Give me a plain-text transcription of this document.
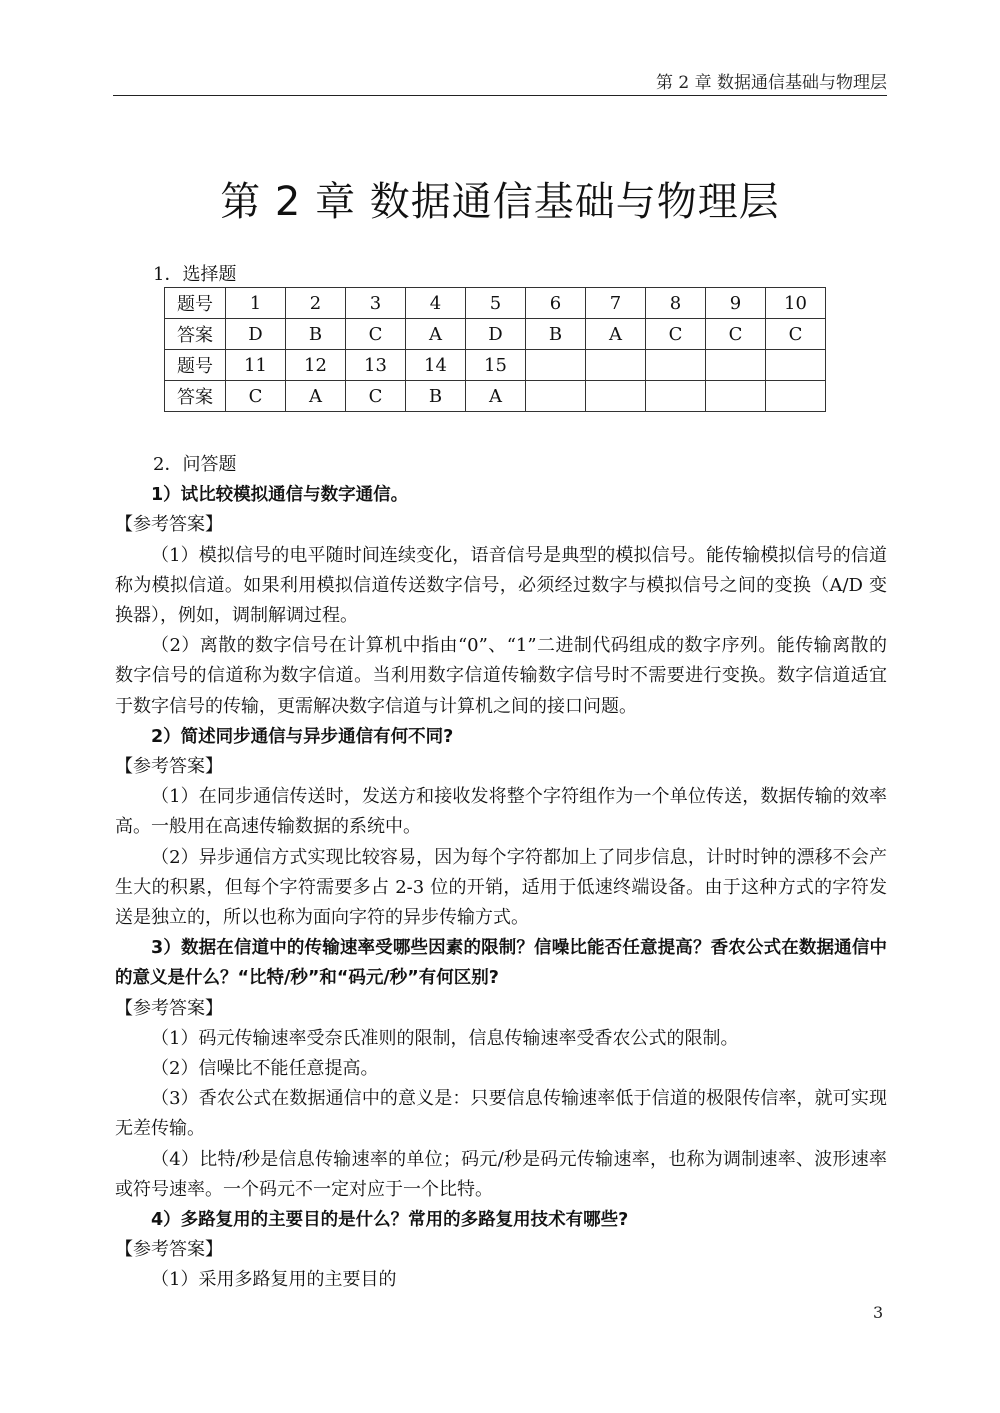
第 2 章 数据通信基础与物理层
第 2 章 数据通信基础与物理层
1．选择题
题号	1	2	3	4	5	6	7	8	9	10
答案	D	B	C	A	D	B	A	C	C	C
题号	11	12	13	14	15					
答案	C	A	C	B	A					

2．问答题

1）试比较模拟通信与数字通信。

【参考答案】

（1）模拟信号的电平随时间连续变化，语音信号是典型的模拟信号。能传输模拟信号的信道称为模拟信道。如果利用模拟信道传送数字信号，必须经过数字与模拟信号之间的变换（A/D 变换器），例如，调制解调过程。

（2）离散的数字信号在计算机中指由“0”、“1”二进制代码组成的数字序列。能传输离散的数字信号的信道称为数字信道。当利用数字信道传输数字信号时不需要进行变换。数字信道适宜于数字信号的传输，更需解决数字信道与计算机之间的接口问题。

2）简述同步通信与异步通信有何不同?

【参考答案】

（1）在同步通信传送时，发送方和接收发将整个字符组作为一个单位传送，数据传输的效率高。一般用在高速传输数据的系统中。

（2）异步通信方式实现比较容易，因为每个字符都加上了同步信息，计时时钟的漂移不会产生大的积累，但每个字符需要多占 2-3 位的开销，适用于低速终端设备。由于这种方式的字符发送是独立的，所以也称为面向字符的异步传输方式。

3）数据在信道中的传输速率受哪些因素的限制？信噪比能否任意提高？香农公式在数据通信中的意义是什么？“比特/秒”和“码元/秒”有何区别?

【参考答案】

（1）码元传输速率受奈氏准则的限制，信息传输速率受香农公式的限制。

（2）信噪比不能任意提高。

（3）香农公式在数据通信中的意义是：只要信息传输速率低于信道的极限传信率，就可实现无差传输。

（4）比特/秒是信息传输速率的单位；码元/秒是码元传输速率，也称为调制速率、波形速率或符号速率。一个码元不一定对应于一个比特。

4）多路复用的主要目的是什么？常用的多路复用技术有哪些?

【参考答案】

（1）采用多路复用的主要目的

3
